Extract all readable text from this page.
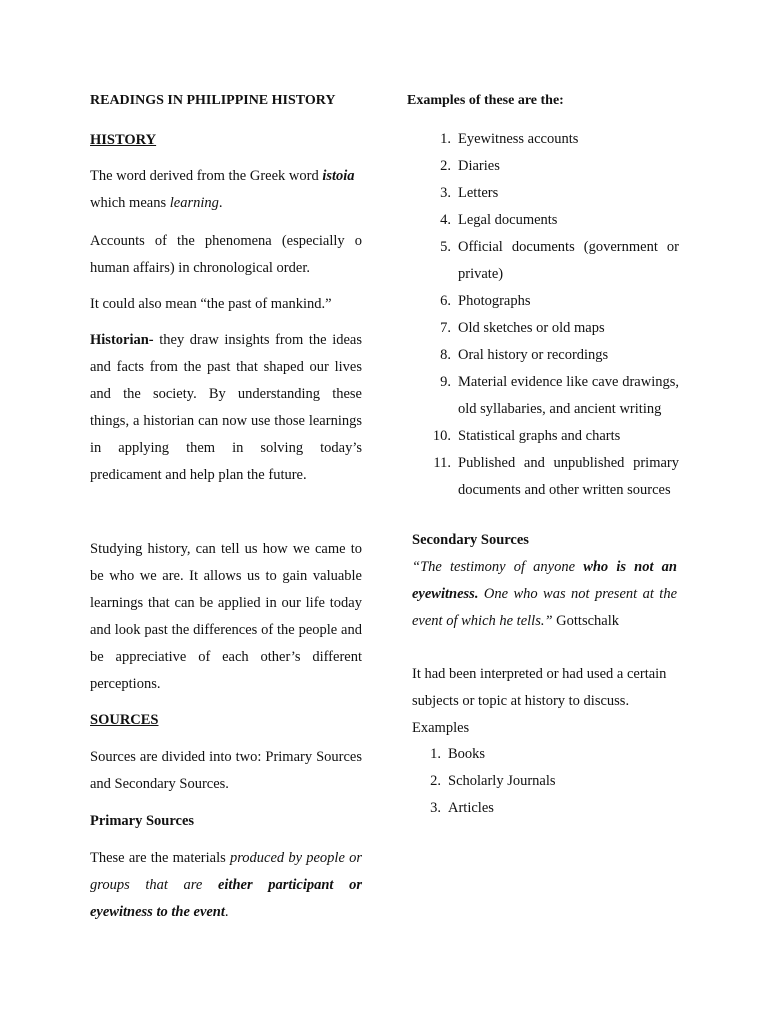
READINGS IN PHILIPPINE HISTORY

HISTORY

The word derived from the Greek word istoia which means learning.

Accounts of the phenomena (especially o human affairs) in chronological order.

It could also mean “the past of mankind.”

Historian- they draw insights from the ideas and facts from the past that shaped our lives and the society. By understanding these things, a historian can now use those learnings in applying them in solving today’s predicament and help plan the future.

Studying history, can tell us how we came to be who we are. It allows us to gain valuable learnings that can be applied in our life today and look past the differences of the people and be appreciative of each other’s different perceptions.

SOURCES

Sources are divided into two: Primary Sources and Secondary Sources.

Primary Sources

These are the materials produced by people or groups that are either participant or eyewitness to the event.

Examples of these are the:
1. Eyewitness accounts
2. Diaries
3. Letters
4. Legal documents
5. Official documents (government or private)
6. Photographs
7. Old sketches or old maps
8. Oral history or recordings
9. Material evidence like cave drawings, old syllabaries, and ancient writing
10. Statistical graphs and charts
11. Published and unpublished primary documents and other written sources

Secondary Sources

“The testimony of anyone who is not an eyewitness. One who was not present at the event of which he tells.” Gottschalk

It had been interpreted or had used a certain subjects or topic at history to discuss.

Examples

1. Books
2. Scholarly Journals
3. Articles
